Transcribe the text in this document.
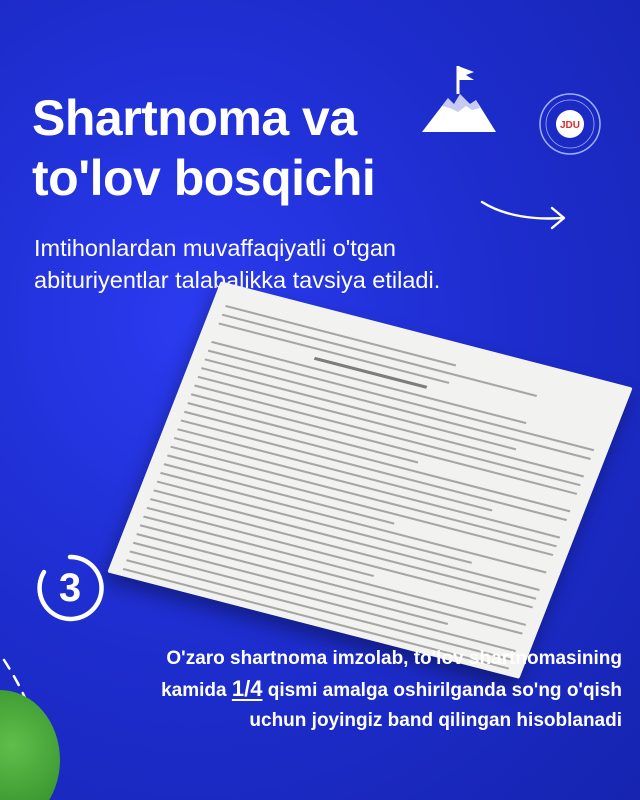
Shartnoma va
to'lov bosqichi
JDU

Imtihonlardan muvaffaqiyatli o'tgan
abituriyentlar talabalikka tavsiya etiladi.

3

O'zaro shartnoma imzolab, to'lov shartnomasining
kamida 1/4 qismi amalga oshirilganda so'ng o'qish
uchun joyingiz band qilingan hisoblanadi
